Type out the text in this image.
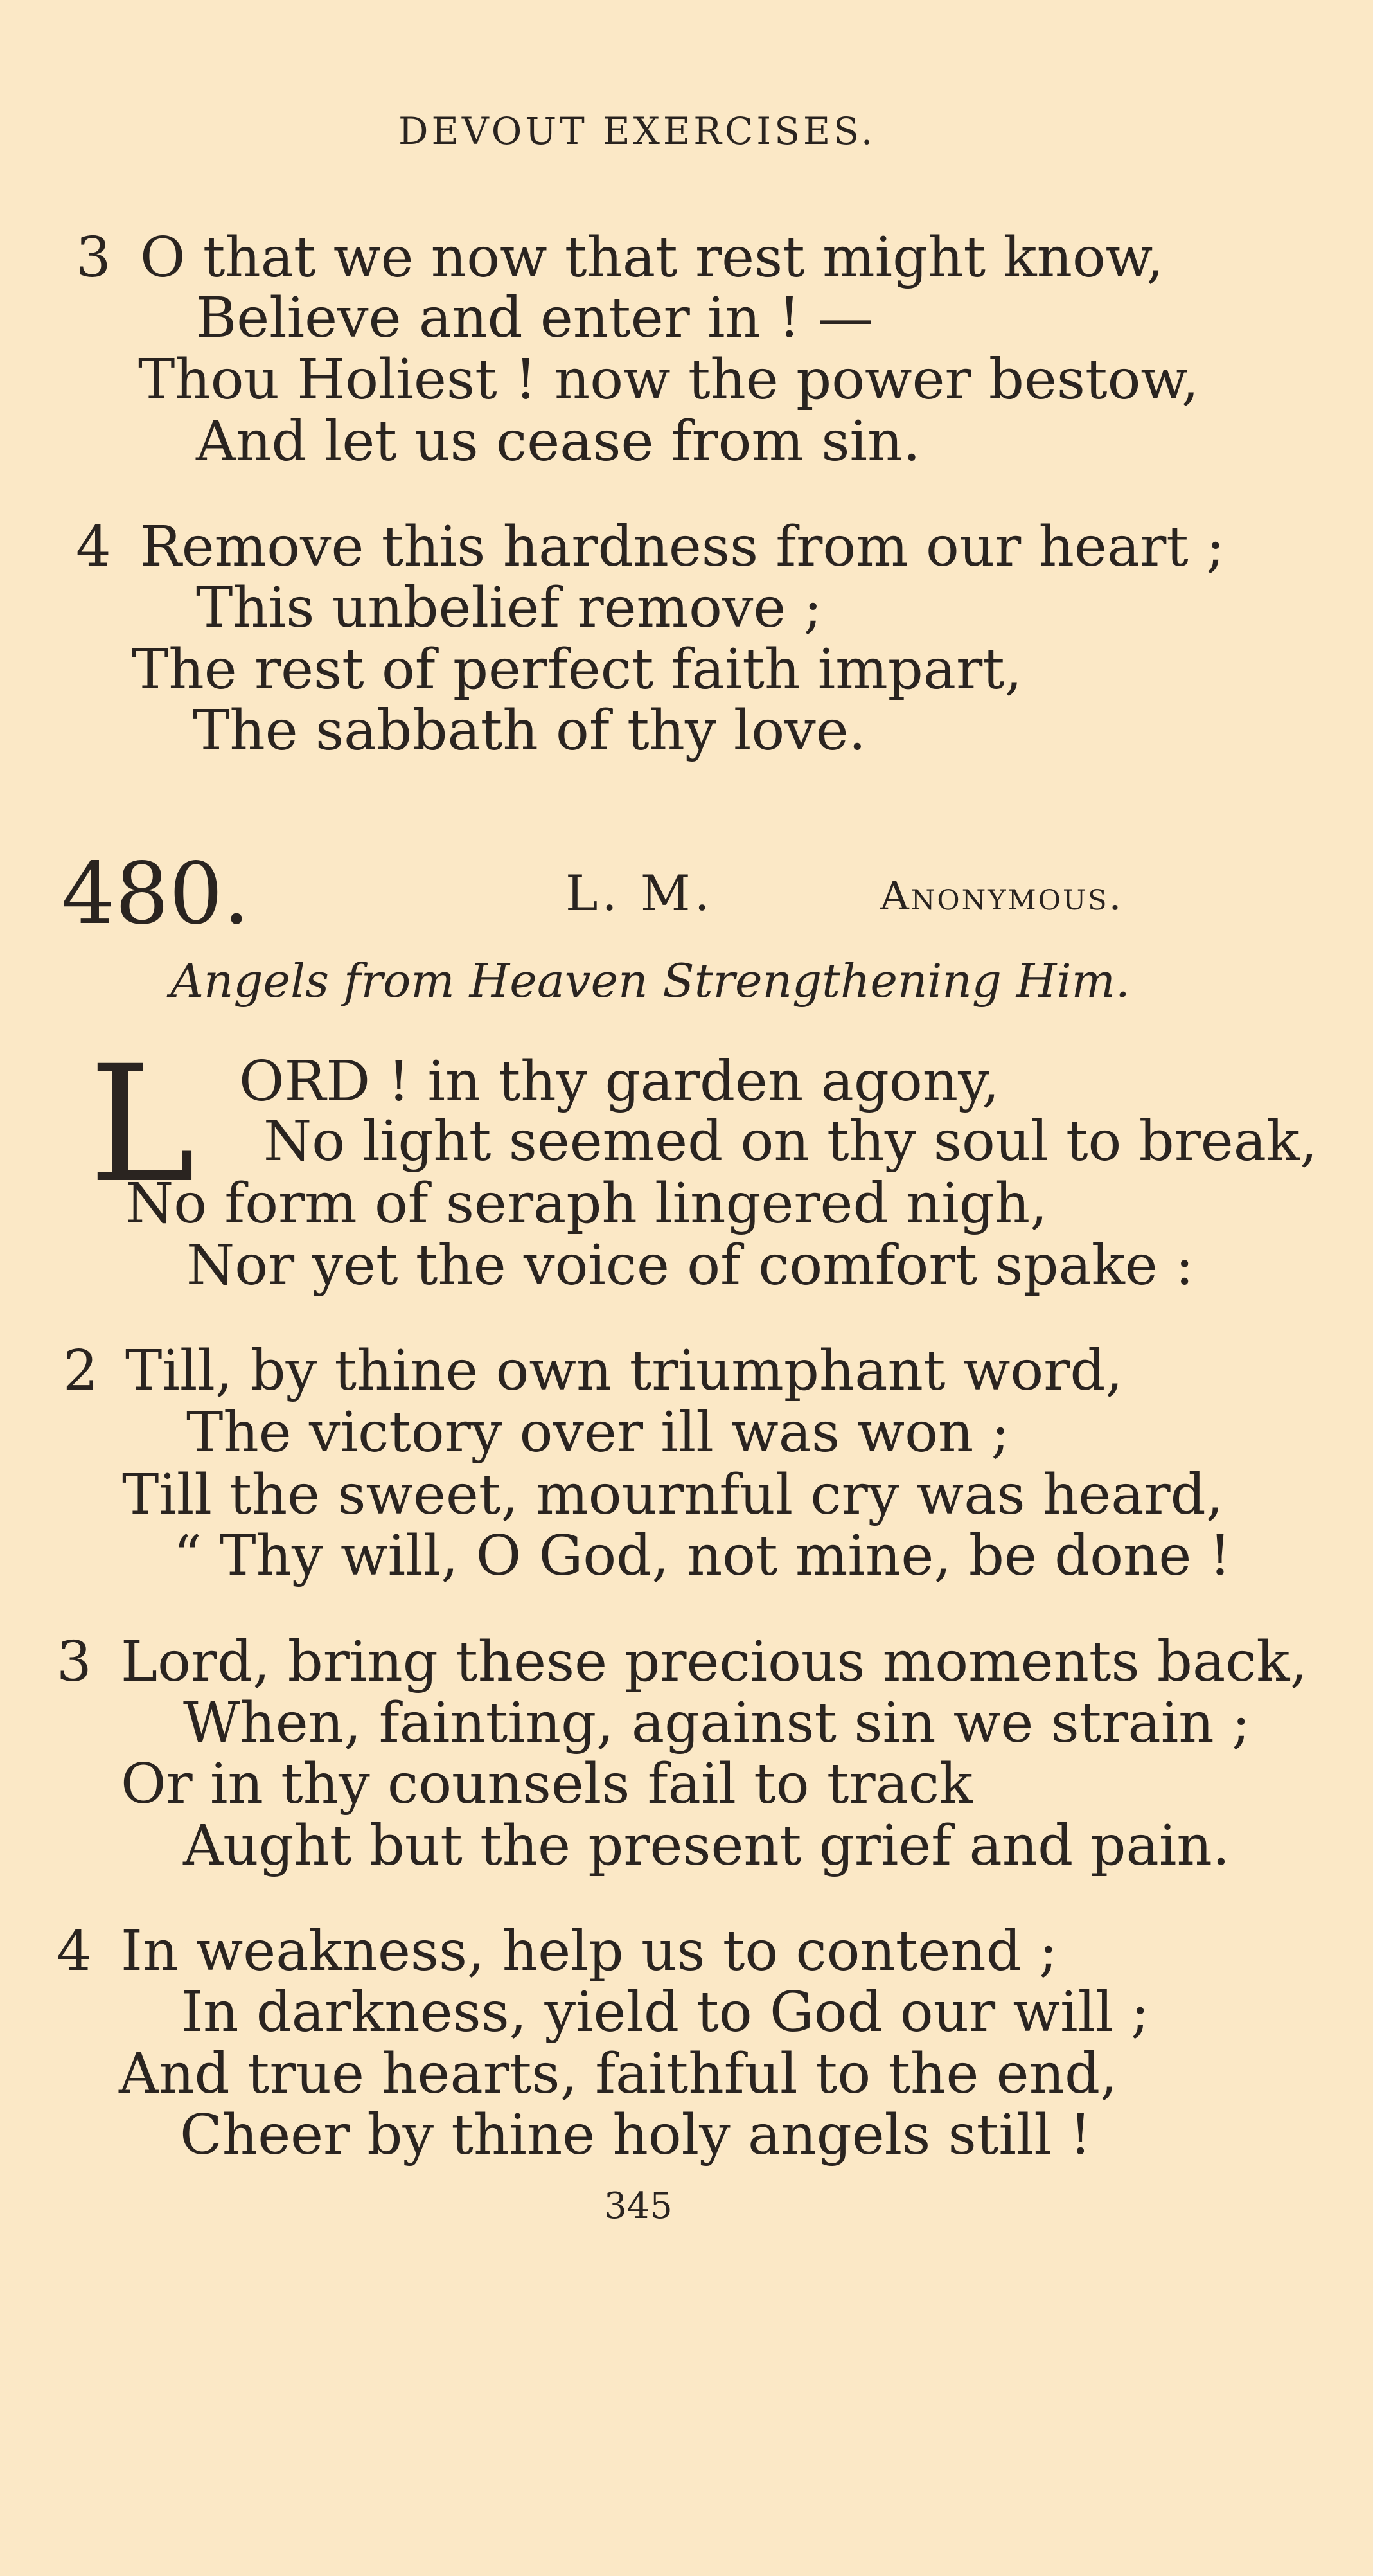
DEVOUT EXERCISES.
3 O that we now that rest might know,
Believe and enter in ! —
Thou Holiest ! now the power bestow,
And let us cease from sin.
4 Remove this hardness from our heart ;
This unbelief remove ;
The rest of perfect faith impart,
The sabbath of thy love.
480.	L. M.	Anonymous.
Angels from Heaven Strengthening Him.
L ORD ! in thy garden agony,
No light seemed on thy soul to break,
No form of seraph lingered nigh,
Nor yet the voice of comfort spake :
2 Till, by thine own triumphant word,
The victory over ill was won ;
Till the sweet, mournful cry was heard,
“ Thy will, O God, not mine, be done !
3 Lord, bring these precious moments back,
When, fainting, against sin we strain ;
Or in thy counsels fail to track
Aught but the present grief and pain.
4 In weakness, help us to contend ;
In darkness, yield to God our will ;
And true hearts, faithful to the end,
Cheer by thine holy angels still !
345
